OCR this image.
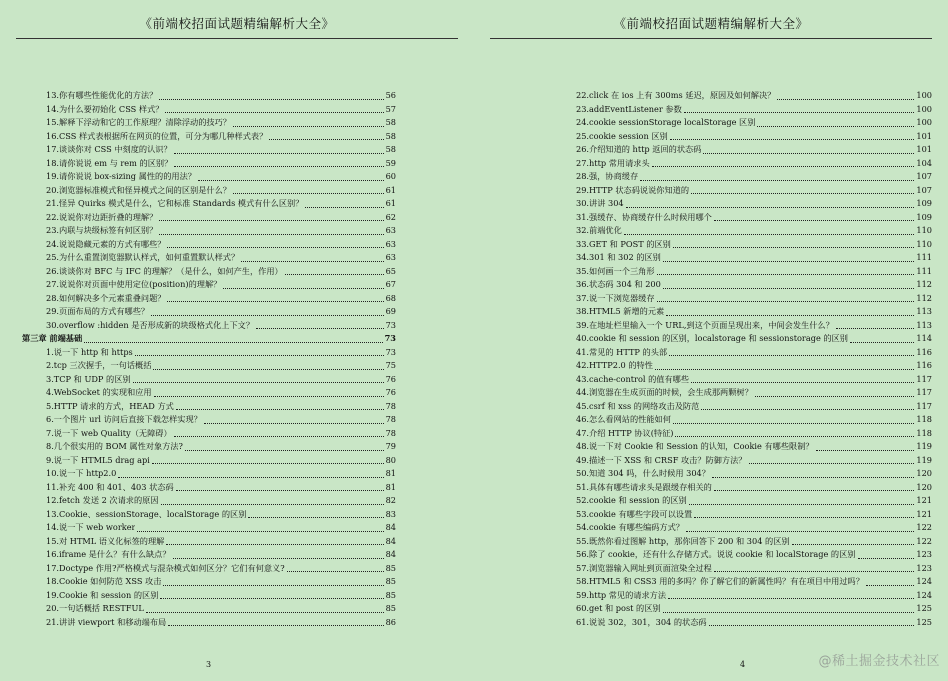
《前端校招面试题精编解析大全》
13.你有哪些性能优化的方法？	56
14.为什么要初始化 CSS 样式？	57
15.解释下浮动和它的工作原理？清除浮动的技巧？	58
16.CSS 样式表根据所在网页的位置，可分为哪几种样式表？	58
17.谈谈你对 CSS 中刻度的认识？	58
18.请你说说 em 与 rem 的区别？	59
19.请你说说 box-sizing 属性的的用法？	60
20.浏览器标准模式和怪异模式之间的区别是什么？	61
21.怪异 Quirks 模式是什么，它和标准 Standards 模式有什么区别？	61
22.说说你对边距折叠的理解？	62
23.内联与块级标签有何区别？	63
24.说说隐藏元素的方式有哪些？	63
25.为什么重置浏览器默认样式，如何重置默认样式？	63
26.谈谈你对 BFC 与 IFC 的理解？（是什么，如何产生，作用）	65
27.说说你对页面中使用定位(position)的理解？	67
28.如何解决多个元素重叠问题？	68
29.页面布局的方式有哪些？	69
30.overflow :hidden 是否形成新的块级格式化上下文？	73
第三章 前端基础	73
1.说一下 http 和 https	73
2.tcp 三次握手，一句话概括	75
3.TCP 和 UDP 的区别	76
4.WebSocket 的实现和应用	76
5.HTTP 请求的方式，HEAD 方式	78
6.一个图片 url 访问后直接下载怎样实现？	78
7.说一下 web Quality（无障碍）	78
8.几个很实用的 BOM 属性对象方法?	79
9.说一下 HTML5 drag api	80
10.说一下 http2.0	81
11.补充 400 和 401、403 状态码	81
12.fetch 发送 2 次请求的原因	82
13.Cookie、sessionStorage、localStorage 的区别	83
14.说一下 web worker	84
15.对 HTML 语义化标签的理解	84
16.iframe 是什么？有什么缺点？	84
17.Doctype 作用?严格模式与混杂模式如何区分？它们有何意义?	85
18.Cookie 如何防范 XSS 攻击	85
19.Cookie 和 session 的区别	85
20.一句话概括 RESTFUL	85
21.讲讲 viewport 和移动端布局	86
3
《前端校招面试题精编解析大全》
22.click 在 ios 上有 300ms 延迟，原因及如何解决？	100
23.addEventListener 参数	100
24.cookie sessionStorage localStorage 区别	100
25.cookie session 区别	101
26.介绍知道的 http 返回的状态码	101
27.http 常用请求头	104
28.强，协商缓存	107
29.HTTP 状态码说说你知道的	107
30.讲讲 304	109
31.强缓存、协商缓存什么时候用哪个	109
32.前端优化	110
33.GET 和 POST 的区别	110
34.301 和 302 的区别	111
35.如何画一个三角形	111
36.状态码 304 和 200	112
37.说一下浏览器缓存	112
38.HTML5 新增的元素	113
39.在地址栏里输入一个 URL,到这个页面呈现出来，中间会发生什么？	113
40.cookie 和 session 的区别，localstorage 和 sessionstorage 的区别	114
41.常见的 HTTP 的头部	116
42.HTTP2.0 的特性	116
43.cache-control 的值有哪些	117
44.浏览器在生成页面的时候，会生成那两颗树？	117
45.csrf 和 xss 的网络攻击及防范	117
46.怎么看网站的性能如何	118
47.介绍 HTTP 协议(特征)	118
48.说一下对 Cookie 和 Session 的认知，Cookie 有哪些限制？	119
49.描述一下 XSS 和 CRSF 攻击？防御方法？	119
50.知道 304 吗，什么时候用 304？	120
51.具体有哪些请求头是跟缓存相关的	120
52.cookie 和 session 的区别	121
53.cookie 有哪些字段可以设置	121
54.cookie 有哪些编码方式？	122
55.既然你看过图解 http，那你回答下 200 和 304 的区别	122
56.除了 cookie，还有什么存储方式。说说 cookie 和 localStorage 的区别	123
57.浏览器输入网址到页面渲染全过程	123
58.HTML5 和 CSS3 用的多吗？你了解它们的新属性吗？有在项目中用过吗？	124
59.http 常见的请求方法	124
60.get 和 post 的区别	125
61.说说 302，301，304 的状态码	125
4	@稀土掘金技术社区
